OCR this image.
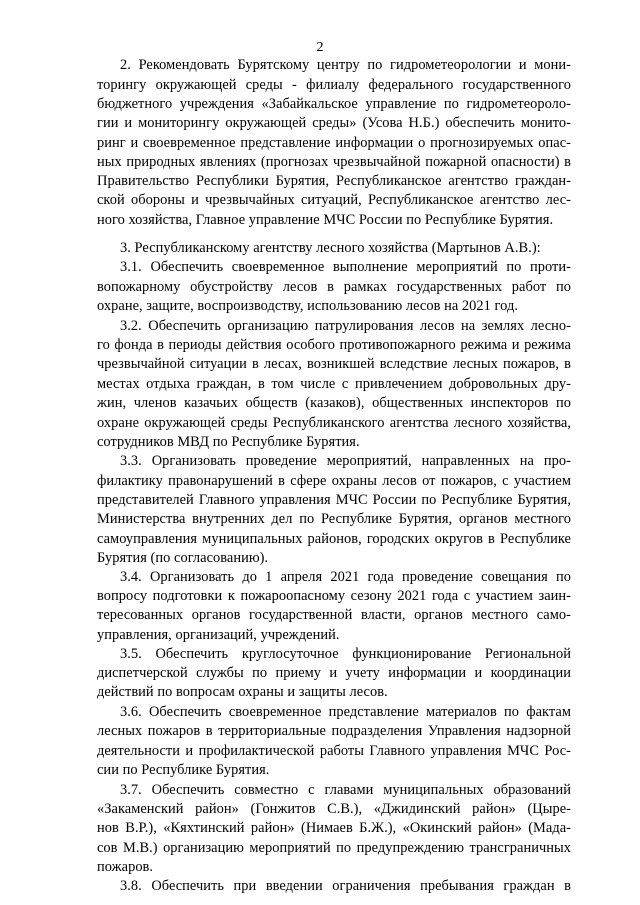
2
2. Рекомендовать Бурятскому центру по гидрометеорологии и мони-
торингу окружающей среды - филиалу федерального государственного
бюджетного учреждения «Забайкальское управление по гидрометеороло-
гии и мониторингу окружающей среды» (Усова Н.Б.) обеспечить монито-
ринг и своевременное представление информации о прогнозируемых опас-
ных природных явлениях (прогнозах чрезвычайной пожарной опасности) в
Правительство Республики Бурятия, Республиканское агентство граждан-
ской обороны и чрезвычайных ситуаций, Республиканское агентство лес-
ного хозяйства, Главное управление МЧС России по Республике Бурятия.
3. Республиканскому агентству лесного хозяйства (Мартынов А.В.):
3.1. Обеспечить своевременное выполнение мероприятий по проти-
вопожарному обустройству лесов в рамках государственных работ по
охране, защите, воспроизводству, использованию лесов на 2021 год.
3.2. Обеспечить организацию патрулирования лесов на землях лесно-
го фонда в периоды действия особого противопожарного режима и режима
чрезвычайной ситуации в лесах, возникшей вследствие лесных пожаров, в
местах отдыха граждан, в том числе с привлечением добровольных дру-
жин, членов казачьих обществ (казаков), общественных инспекторов по
охране окружающей среды Республиканского агентства лесного хозяйства,
сотрудников МВД по Республике Бурятия.
3.3. Организовать проведение мероприятий, направленных на про-
филактику правонарушений в сфере охраны лесов от пожаров, с участием
представителей Главного управления МЧС России по Республике Бурятия,
Министерства внутренних дел по Республике Бурятия, органов местного
самоуправления муниципальных районов, городских округов в Республике
Бурятия (по согласованию).
3.4. Организовать до 1 апреля 2021 года проведение совещания по
вопросу подготовки к пожароопасному сезону 2021 года с участием заин-
тересованных органов государственной власти, органов местного само-
управления, организаций, учреждений.
3.5. Обеспечить круглосуточное функционирование Региональной
диспетчерской службы по приему и учету информации и координации
действий по вопросам охраны и защиты лесов.
3.6. Обеспечить своевременное представление материалов по фактам
лесных пожаров в территориальные подразделения Управления надзорной
деятельности и профилактической работы Главного управления МЧС Рос-
сии по Республике Бурятия.
3.7. Обеспечить совместно с главами муниципальных образований
«Закаменский район» (Гонжитов С.В.), «Джидинский район» (Цыре-
нов В.Р.), «Кяхтинский район» (Нимаев Б.Ж.), «Окинский район» (Мада-
сов М.В.) организацию мероприятий по предупреждению трансграничных
пожаров.
3.8. Обеспечить при введении ограничения пребывания граждан в
